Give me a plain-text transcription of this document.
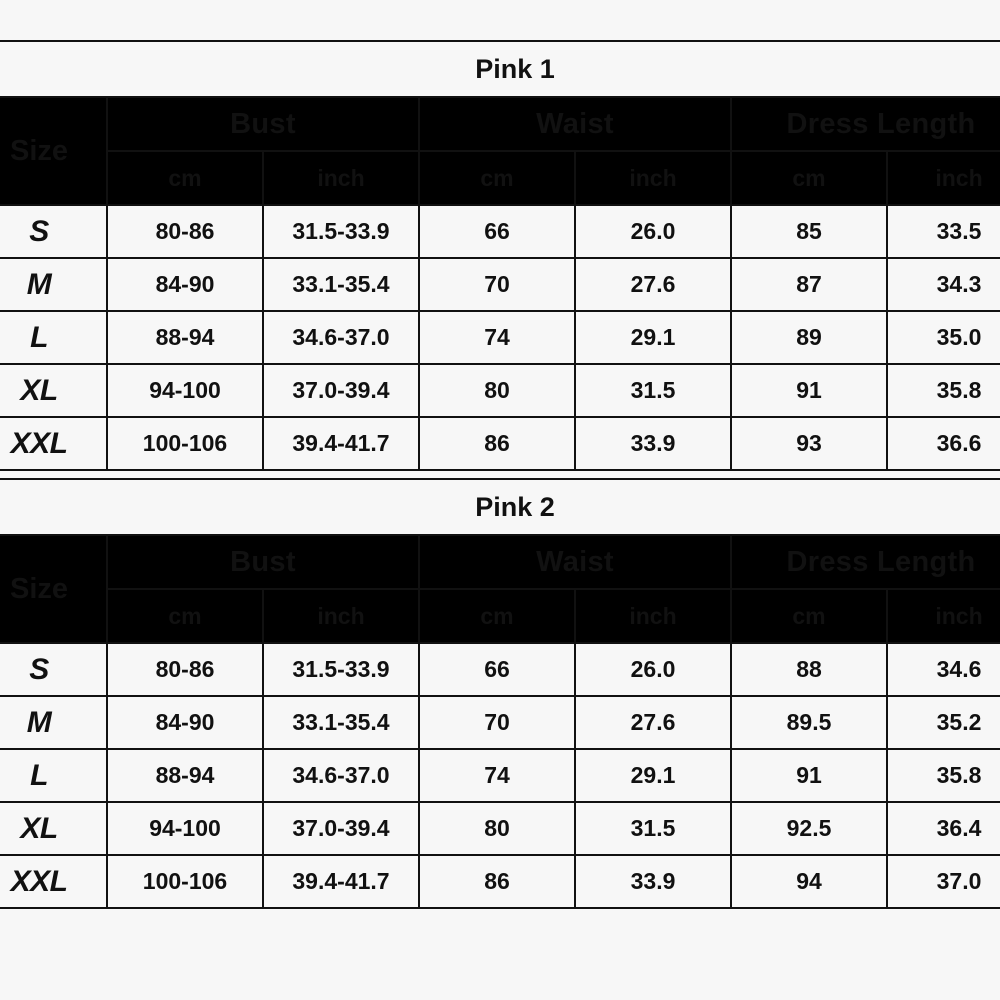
Pink 1
Size	Bust		Waist		Dress Length	
	cm	inch	cm	inch	cm	inch
S	80-86	31.5-33.9	66	26.0	85	33.5
M	84-90	33.1-35.4	70	27.6	87	34.3
L	88-94	34.6-37.0	74	29.1	89	35.0
XL	94-100	37.0-39.4	80	31.5	91	35.8
XXL	100-106	39.4-41.7	86	33.9	93	36.6
Pink 2
Size	Bust		Waist		Dress Length	
	cm	inch	cm	inch	cm	inch
S	80-86	31.5-33.9	66	26.0	88	34.6
M	84-90	33.1-35.4	70	27.6	89.5	35.2
L	88-94	34.6-37.0	74	29.1	91	35.8
XL	94-100	37.0-39.4	80	31.5	92.5	36.4
XXL	100-106	39.4-41.7	86	33.9	94	37.0
